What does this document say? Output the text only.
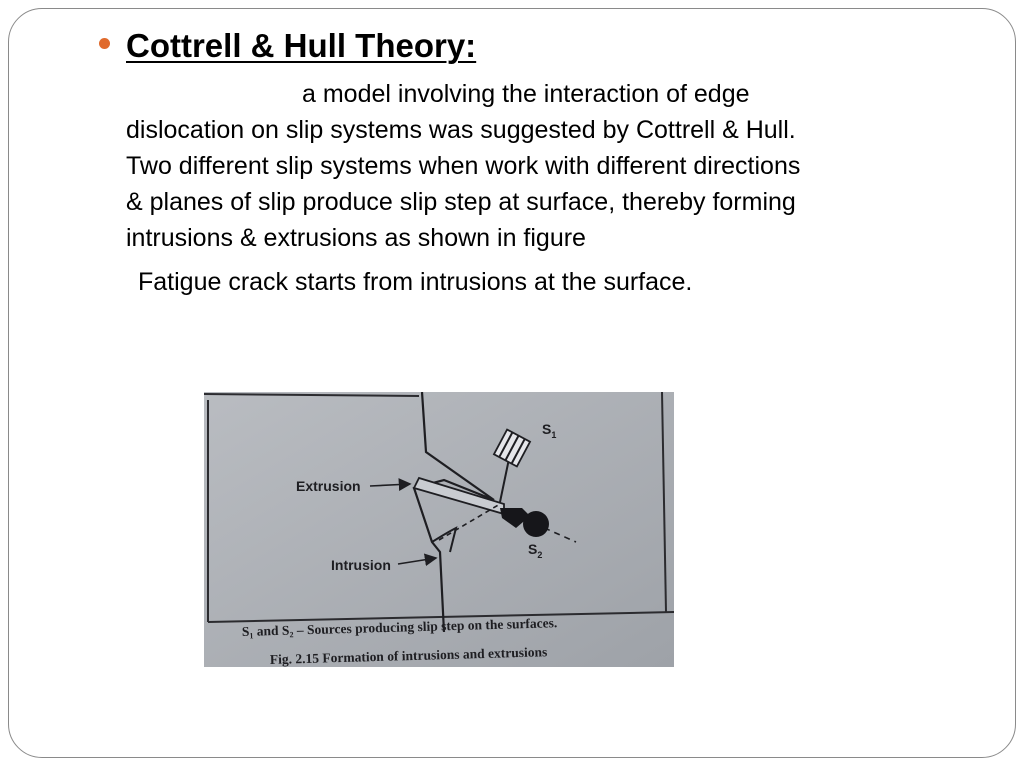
Cottrell & Hull Theory:

a model involving the interaction of edge
dislocation on slip systems was suggested by Cottrell & Hull.
Two different slip systems when work with different directions
& planes of slip produce slip step at surface, thereby forming
intrusions & extrusions as shown in figure

Fatigue crack starts from intrusions at the surface.

Extrusion
Intrusion
$S_1$
$S_2$
S₁ and S₂ – Sources producing slip step on the surfaces.
Fig. 2.15 Formation of intrusions and extrusions
